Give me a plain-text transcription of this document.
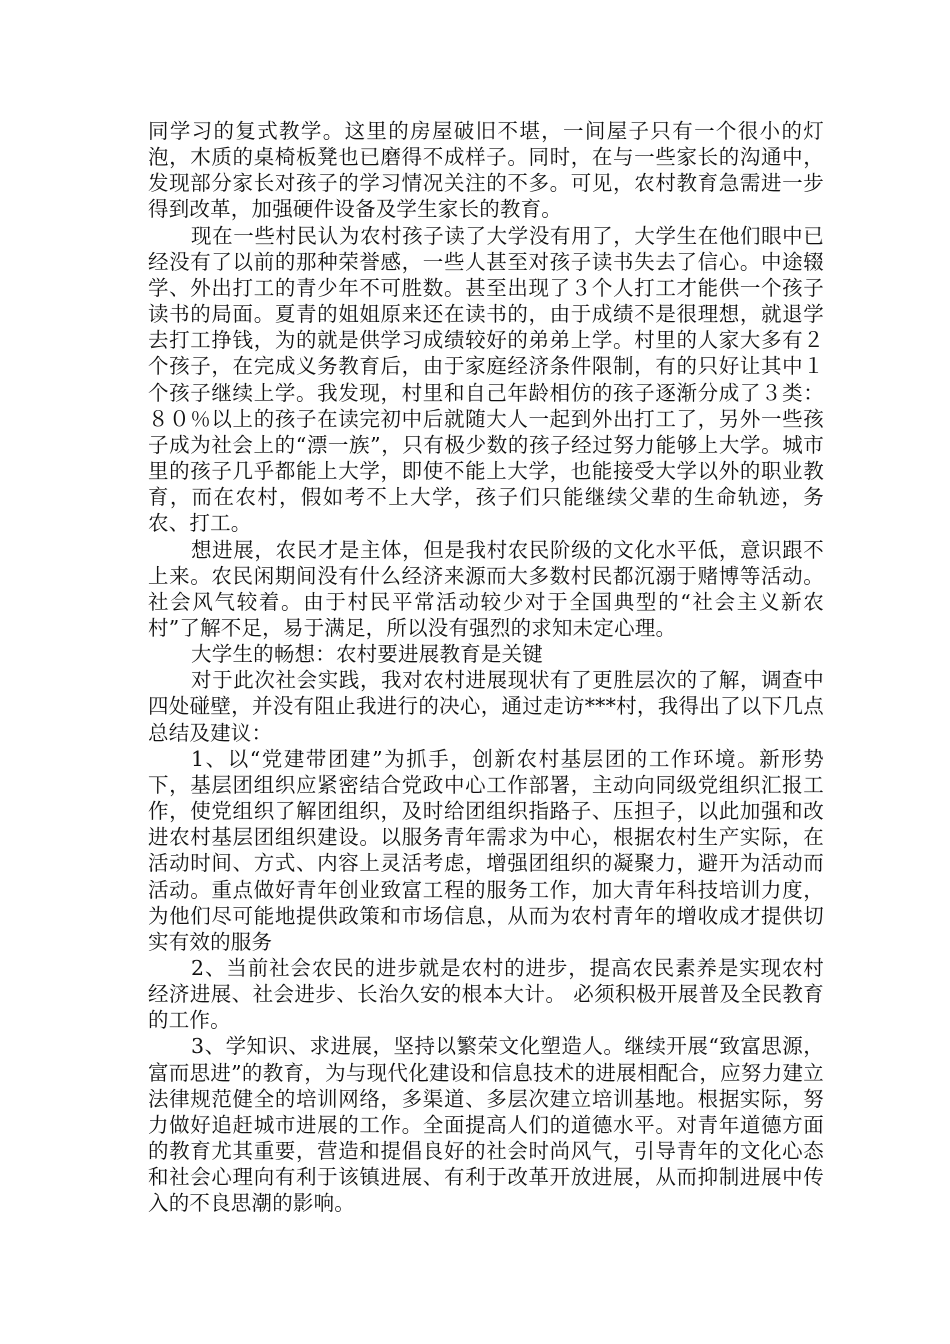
同学习的复式教学。这里的房屋破旧不堪，一间屋子只有一个很小的灯泡，木质的桌椅板凳也已磨得不成样子。同时，在与一些家长的沟通中，发现部分家长对孩子的学习情况关注的不多。可见，农村教育急需进一步得到改革，加强硬件设备及学生家长的教育。

现在一些村民认为农村孩子读了大学没有用了，大学生在他们眼中已经没有了以前的那种荣誉感，一些人甚至对孩子读书失去了信心。中途辍学、外出打工的青少年不可胜数。甚至出现了３个人打工才能供一个孩子读书的局面。夏青的姐姐原来还在读书的，由于成绩不是很理想，就退学去打工挣钱，为的就是供学习成绩较好的弟弟上学。村里的人家大多有２个孩子，在完成义务教育后，由于家庭经济条件限制，有的只好让其中１个孩子继续上学。我发现，村里和自己年龄相仿的孩子逐渐分成了３类：８０％以上的孩子在读完初中后就随大人一起到外出打工了，另外一些孩子成为社会上的“漂一族”，只有极少数的孩子经过努力能够上大学。城市里的孩子几乎都能上大学，即使不能上大学，也能接受大学以外的职业教育，而在农村，假如考不上大学，孩子们只能继续父辈的生命轨迹，务农、打工。

想进展，农民才是主体，但是我村农民阶级的文化水平低，意识跟不上来。农民闲期间没有什么经济来源而大多数村民都沉溺于赌博等活动。社会风气较着。由于村民平常活动较少对于全国典型的“社会主义新农村”了解不足，易于满足，所以没有强烈的求知未定心理。

大学生的畅想：农村要进展教育是关键

对于此次社会实践，我对农村进展现状有了更胜层次的了解，调查中四处碰壁，并没有阻止我进行的决心，通过走访***村，我得出了以下几点总结及建议：

1、以“党建带团建”为抓手，创新农村基层团的工作环境。新形势下，基层团组织应紧密结合党政中心工作部署，主动向同级党组织汇报工作，使党组织了解团组织，及时给团组织指路子、压担子，以此加强和改进农村基层团组织建设。以服务青年需求为中心，根据农村生产实际，在活动时间、方式、内容上灵活考虑，增强团组织的凝聚力，避开为活动而活动。重点做好青年创业致富工程的服务工作，加大青年科技培训力度，为他们尽可能地提供政策和市场信息，从而为农村青年的增收成才提供切实有效的服务

2、当前社会农民的进步就是农村的进步，提高农民素养是实现农村经济进展、社会进步、长治久安的根本大计。 必须积极开展普及全民教育的工作。

3、学知识、求进展，坚持以繁荣文化塑造人。继续开展“致富思源，富而思进”的教育，为与现代化建设和信息技术的进展相配合，应努力建立法律规范健全的培训网络，多渠道、多层次建立培训基地。根据实际，努力做好追赶城市进展的工作。全面提高人们的道德水平。对青年道德方面的教育尤其重要，营造和提倡良好的社会时尚风气，引导青年的文化心态和社会心理向有利于该镇进展、有利于改革开放进展，从而抑制进展中传入的不良思潮的影响。
